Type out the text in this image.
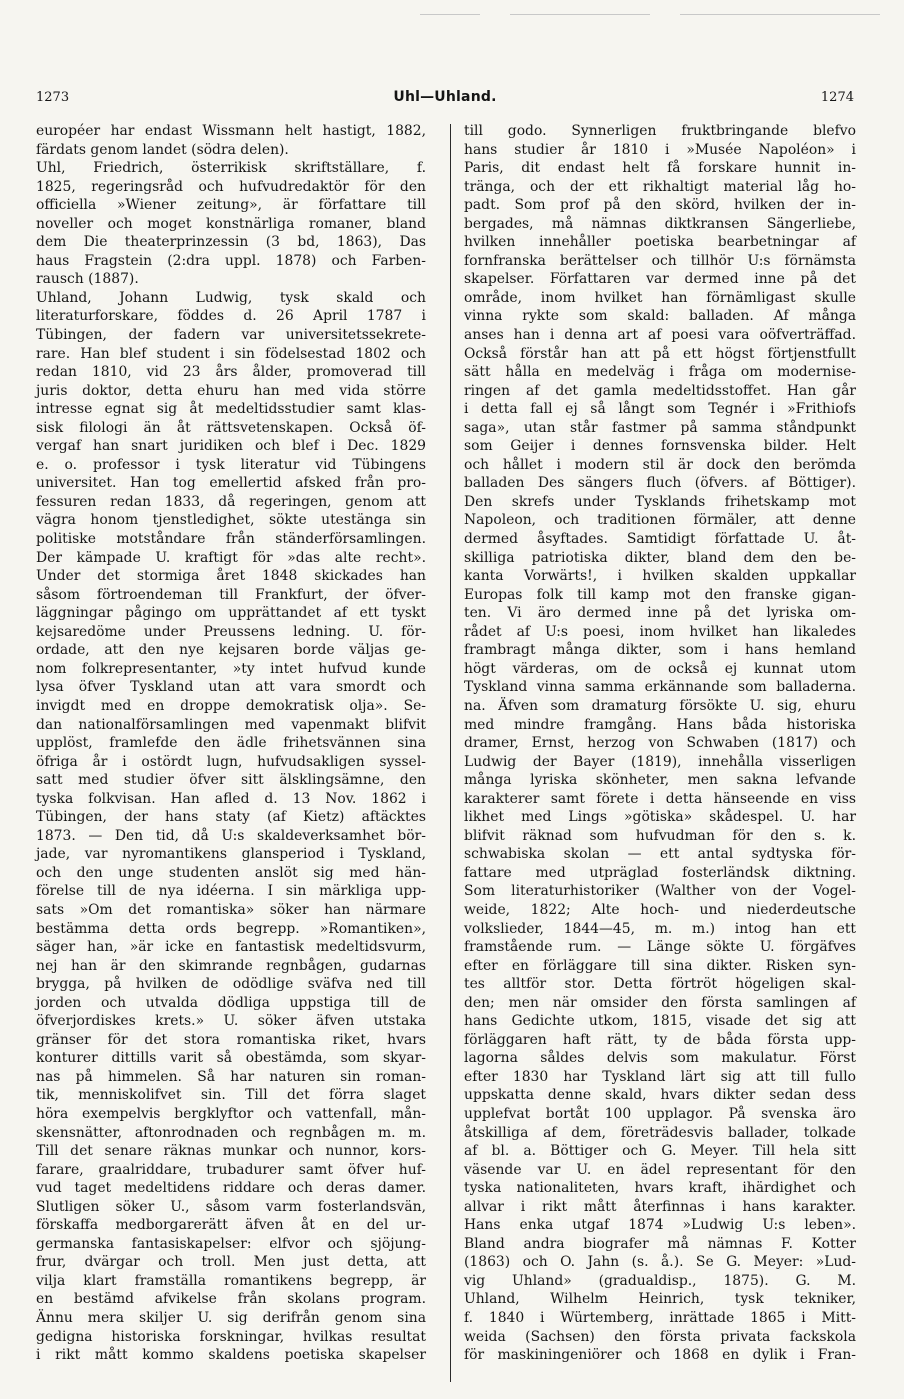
1273	Uhl—Uhland.	1274
européer har endast Wissmann helt hastigt, 1882,
färdats genom landet (södra delen).
Uhl, Friedrich, österrikisk skriftställare, f.
1825, regeringsråd och hufvudredaktör för den
officiella »Wiener zeitung», är författare till
noveller och moget konstnärliga romaner, bland
dem Die theaterprinzessin (3 bd, 1863), Das
haus Fragstein (2:dra uppl. 1878) och Farben-
rausch (1887).
Uhland, Johann Ludwig, tysk skald och
literaturforskare, föddes d. 26 April 1787 i
Tübingen, der fadern var universitetssekrete-
rare. Han blef student i sin födelsestad 1802 och
redan 1810, vid 23 års ålder, promoverad till
juris doktor, detta ehuru han med vida större
intresse egnat sig åt medeltidsstudier samt klas-
sisk filologi än åt rättsvetenskapen. Också öf-
vergaf han snart juridiken och blef i Dec. 1829
e. o. professor i tysk literatur vid Tübingens
universitet. Han tog emellertid afsked från pro-
fessuren redan 1833, då regeringen, genom att
vägra honom tjenstledighet, sökte utestänga sin
politiske motståndare från ständerförsamlingen.
Der kämpade U. kraftigt för »das alte recht».
Under det stormiga året 1848 skickades han
såsom förtroendeman till Frankfurt, der öfver-
läggningar pågingo om upprättandet af ett tyskt
kejsaredöme under Preussens ledning. U. för-
ordade, att den nye kejsaren borde väljas ge-
nom folkrepresentanter, »ty intet hufvud kunde
lysa öfver Tyskland utan att vara smordt och
invigdt med en droppe demokratisk olja». Se-
dan nationalförsamlingen med vapenmakt blifvit
upplöst, framlefde den ädle frihetsvännen sina
öfriga år i ostördt lugn, hufvudsakligen syssel-
satt med studier öfver sitt älsklingsämne, den
tyska folkvisan. Han afled d. 13 Nov. 1862 i
Tübingen, der hans staty (af Kietz) aftäcktes
1873. — Den tid, då U:s skaldeverksamhet bör-
jade, var nyromantikens glansperiod i Tyskland,
och den unge studenten anslöt sig med hän-
förelse till de nya idéerna. I sin märkliga upp-
sats »Om det romantiska» söker han närmare
bestämma detta ords begrepp. »Romantiken»,
säger han, »är icke en fantastisk medeltidsvurm,
nej han är den skimrande regnbågen, gudarnas
brygga, på hvilken de odödlige sväfva ned till
jorden och utvalda dödliga uppstiga till de
öfverjordiskes krets.» U. söker äfven utstaka
gränser för det stora romantiska riket, hvars
konturer dittills varit så obestämda, som skyar-
nas på himmelen. Så har naturen sin roman-
tik, menniskolifvet sin. Till det förra slaget
höra exempelvis bergklyftor och vattenfall, mån-
skensnätter, aftonrodnaden och regnbågen m. m.
Till det senare räknas munkar och nunnor, kors-
farare, graalriddare, trubadurer samt öfver huf-
vud taget medeltidens riddare och deras damer.
Slutligen söker U., såsom varm fosterlandsvän,
förskaffa medborgarerätt äfven åt en del ur-
germanska fantasiskapelser: elfvor och sjöjung-
frur, dvärgar och troll. Men just detta, att
vilja klart framställa romantikens begrepp, är
en bestämd afvikelse från skolans program.
Ännu mera skiljer U. sig derifrån genom sina
gedigna historiska forskningar, hvilkas resultat
i rikt mått kommo skaldens poetiska skapelser
till godo. Synnerligen fruktbringande blefvo
hans studier år 1810 i »Musée Napoléon» i
Paris, dit endast helt få forskare hunnit in-
tränga, och der ett rikhaltigt material låg ho-
padt. Som prof på den skörd, hvilken der in-
bergades, må nämnas diktkransen Sängerliebe,
hvilken innehåller poetiska bearbetningar af
fornfranska berättelser och tillhör U:s förnämsta
skapelser. Författaren var dermed inne på det
område, inom hvilket han förnämligast skulle
vinna rykte som skald: balladen. Af många
anses han i denna art af poesi vara oöfverträffad.
Också förstår han att på ett högst förtjenstfullt
sätt hålla en medelväg i fråga om modernise-
ringen af det gamla medeltidsstoffet. Han går
i detta fall ej så långt som Tegnér i »Frithiofs
saga», utan står fastmer på samma ståndpunkt
som Geijer i dennes fornsvenska bilder. Helt
och hållet i modern stil är dock den berömda
balladen Des sängers fluch (öfvers. af Böttiger).
Den skrefs under Tysklands frihetskamp mot
Napoleon, och traditionen förmäler, att denne
dermed åsyftades. Samtidigt författade U. åt-
skilliga patriotiska dikter, bland dem den be-
kanta Vorwärts!, i hvilken skalden uppkallar
Europas folk till kamp mot den franske gigan-
ten. Vi äro dermed inne på det lyriska om-
rådet af U:s poesi, inom hvilket han likaledes
frambragt många dikter, som i hans hemland
högt värderas, om de också ej kunnat utom
Tyskland vinna samma erkännande som balladerna.
na. Äfven som dramaturg försökte U. sig, ehuru
med mindre framgång. Hans båda historiska
dramer, Ernst, herzog von Schwaben (1817) och
Ludwig der Bayer (1819), innehålla visserligen
många lyriska skönheter, men sakna lefvande
karakterer samt förete i detta hänseende en viss
likhet med Lings »götiska» skådespel. U. har
blifvit räknad som hufvudman för den s. k.
schwabiska skolan — ett antal sydtyska för-
fattare med utpräglad fosterländsk diktning.
Som literaturhistoriker (Walther von der Vogel-
weide, 1822; Alte hoch- und niederdeutsche
volkslieder, 1844—45, m. m.) intog han ett
framstående rum. — Länge sökte U. förgäfves
efter en förläggare till sina dikter. Risken syn-
tes alltför stor. Detta förtröt högeligen skal-
den; men när omsider den första samlingen af
hans Gedichte utkom, 1815, visade det sig att
förläggaren haft rätt, ty de båda första upp-
lagorna såldes delvis som makulatur. Först
efter 1830 har Tyskland lärt sig att till fullo
uppskatta denne skald, hvars dikter sedan dess
upplefvat bortåt 100 upplagor. På svenska äro
åtskilliga af dem, företrädesvis ballader, tolkade
af bl. a. Böttiger och G. Meyer. Till hela sitt
väsende var U. en ädel representant för den
tyska nationaliteten, hvars kraft, ihärdighet och
allvar i rikt mått återfinnas i hans karakter.
Hans enka utgaf 1874 »Ludwig U:s leben».
Bland andra biografer må nämnas F. Kotter
(1863) och O. Jahn (s. å.). Se G. Meyer: »Lud-
vig Uhland» (gradualdisp., 1875). G. M.
Uhland, Wilhelm Heinrich, tysk tekniker,
f. 1840 i Würtemberg, inrättade 1865 i Mitt-
weida (Sachsen) den första privata fackskola
för maskiningeniörer och 1868 en dylik i Fran-
